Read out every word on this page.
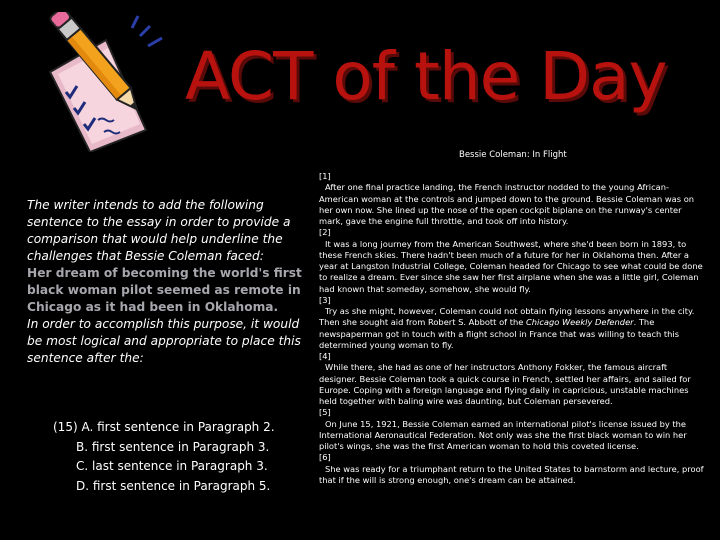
ACT of the Day
Bessie Coleman: In Flight

The writer intends to add the following sentence to the essay in order to provide a comparison that would help underline the challenges that Bessie Coleman faced:

Her dream of becoming the world's first black woman pilot seemed as remote in Chicago as it had been in Oklahoma.

In order to accomplish this purpose, it would be most logical and appropriate to place this sentence after the:

(15) A. first sentence in Paragraph 2.
B. first sentence in Paragraph 3.
C. last sentence in Paragraph 3.
D. first sentence in Paragraph 5.
[1]
After one final practice landing, the French instructor nodded to the young African-American woman at the controls and jumped down to the ground. Bessie Coleman was on her own now. She lined up the nose of the open cockpit biplane on the runway's center mark, gave the engine full throttle, and took off into history.
[2]
It was a long journey from the American Southwest, where she'd been born in 1893, to these French skies. There hadn't been much of a future for her in Oklahoma then. After a year at Langston Industrial College, Coleman headed for Chicago to see what could be done to realize a dream. Ever since she saw her first airplane when she was a little girl, Coleman had known that someday, somehow, she would fly.
[3]
Try as she might, however, Coleman could not obtain flying lessons anywhere in the city. Then she sought aid from Robert S. Abbott of the Chicago Weekly Defender. The newspaperman got in touch with a flight school in France that was willing to teach this determined young woman to fly.
[4]
While there, she had as one of her instructors Anthony Fokker, the famous aircraft designer. Bessie Coleman took a quick course in French, settled her affairs, and sailed for Europe. Coping with a foreign language and flying daily in capricious, unstable machines held together with baling wire was daunting, but Coleman persevered.
[5]
On June 15, 1921, Bessie Coleman earned an international pilot's license issued by the International Aeronautical Federation. Not only was she the first black woman to win her pilot's wings, she was the first American woman to hold this coveted license.
[6]
She was ready for a triumphant return to the United States to barnstorm and lecture, proof that if the will is strong enough, one's dream can be attained.
